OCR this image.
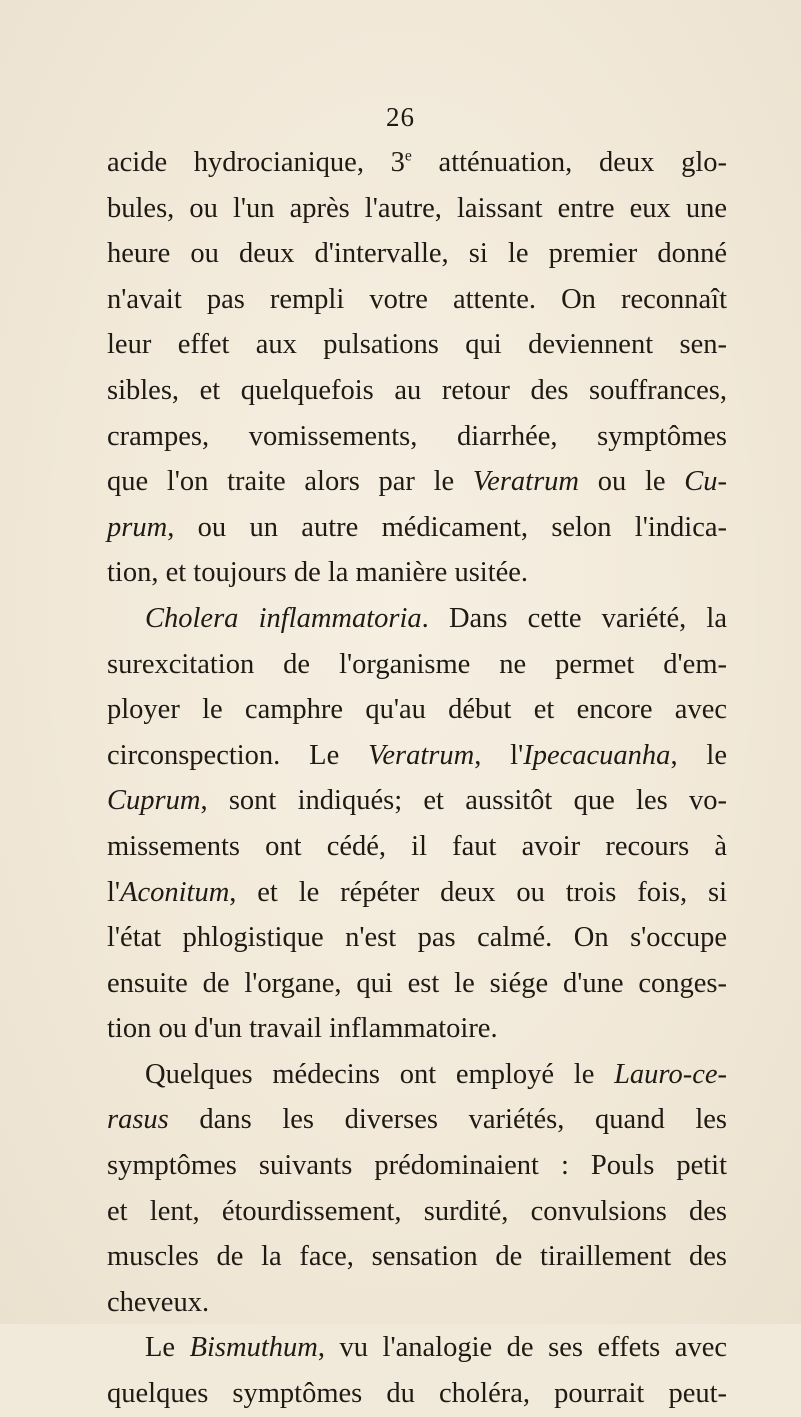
26
acide hydrocianique, 3e atténuation, deux glo-
bules, ou l'un après l'autre, laissant entre eux une
heure ou deux d'intervalle, si le premier donné
n'avait pas rempli votre attente. On reconnaît
leur effet aux pulsations qui deviennent sen-
sibles, et quelquefois au retour des souffrances,
crampes, vomissements, diarrhée, symptômes
que l'on traite alors par le Veratrum ou le Cu-
prum, ou un autre médicament, selon l'indica-
tion, et toujours de la manière usitée.
Cholera inflammatoria. Dans cette variété, la
surexcitation de l'organisme ne permet d'em-
ployer le camphre qu'au début et encore avec
circonspection. Le Veratrum, l'Ipecacuanha, le
Cuprum, sont indiqués; et aussitôt que les vo-
missements ont cédé, il faut avoir recours à
l'Aconitum, et le répéter deux ou trois fois, si
l'état phlogistique n'est pas calmé. On s'occupe
ensuite de l'organe, qui est le siége d'une conges-
tion ou d'un travail inflammatoire.
Quelques médecins ont employé le Lauro-ce-
rasus dans les diverses variétés, quand les
symptômes suivants prédominaient : Pouls petit
et lent, étourdissement, surdité, convulsions des
muscles de la face, sensation de tiraillement des
cheveux.
Le Bismuthum, vu l'analogie de ses effets avec
quelques symptômes du choléra, pourrait peut-
